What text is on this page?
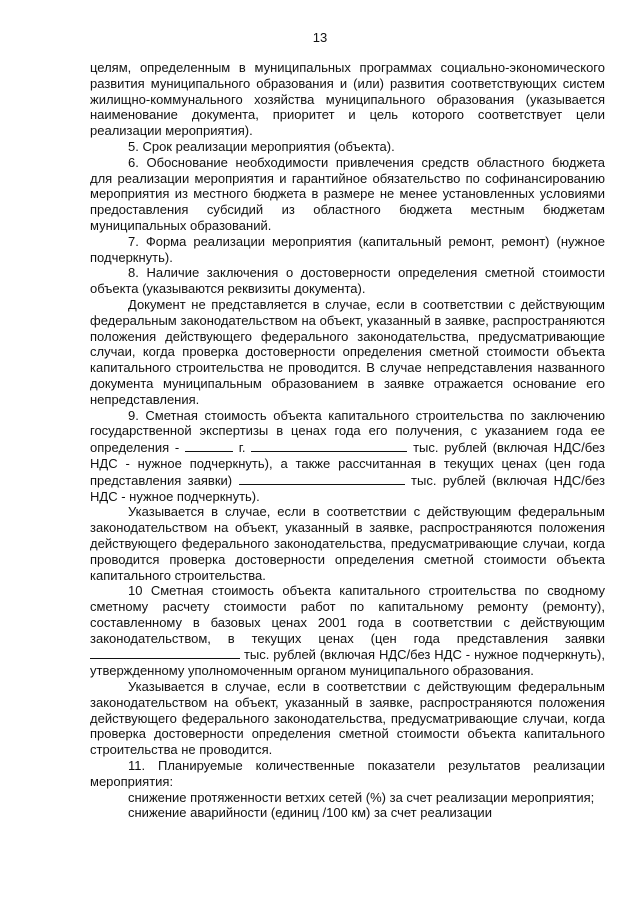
13

целям, определенным в муниципальных программах социально-экономического развития муниципального образования и (или) развития соответствующих систем жилищно-коммунального хозяйства муниципального образования (указывается наименование документа, приоритет и цель которого соответствует цели реализации мероприятия).

5. Срок реализации мероприятия (объекта).

6. Обоснование необходимости привлечения средств областного бюджета для реализации мероприятия и гарантийное обязательство по софинансированию мероприятия из местного бюджета в размере не менее установленных условиями предоставления субсидий из областного бюджета местным бюджетам муниципальных образований.

7. Форма реализации мероприятия (капитальный ремонт, ремонт) (нужное подчеркнуть).

8. Наличие заключения о достоверности определения сметной стоимости объекта (указываются реквизиты документа).

Документ не представляется в случае, если в соответствии с действующим федеральным законодательством на объект, указанный в заявке, распространяются положения действующего федерального законодательства, предусматривающие случаи, когда проверка достоверности определения сметной стоимости объекта капитального строительства не проводится. В случае непредставления названного документа муниципальным образованием в заявке отражается основание его непредставления.

9. Сметная стоимость объекта капитального строительства по заключению государственной экспертизы в ценах года его получения, с указанием года ее определения -	г.	тыс. рублей (включая НДС/без НДС - нужное подчеркнуть), а также рассчитанная в текущих ценах (цен года представления заявки)	тыс. рублей (включая НДС/без НДС - нужное подчеркнуть).

Указывается в случае, если в соответствии с действующим федеральным законодательством на объект, указанный в заявке, распространяются положения действующего федерального законодательства, предусматривающие случаи, когда проводится проверка достоверности определения сметной стоимости объекта капитального строительства.

10 Сметная стоимость объекта капитального строительства по сводному сметному расчету стоимости работ по капитальному ремонту (ремонту), составленному в базовых ценах 2001 года в соответствии с действующим законодательством, в текущих ценах (цен года представления заявки  тыс. рублей (включая НДС/без НДС - нужное подчеркнуть), утвержденному уполномоченным органом муниципального образования.

Указывается в случае, если в соответствии с действующим федеральным законодательством на объект, указанный в заявке, распространяются положения действующего федерального законодательства, предусматривающие случаи, когда проверка достоверности определения сметной стоимости объекта капитального строительства не проводится.

11. Планируемые количественные показатели результатов реализации мероприятия:

снижение протяженности ветхих сетей (%) за счет реализации мероприятия;

снижение аварийности (единиц /100 км) за счет реализации
